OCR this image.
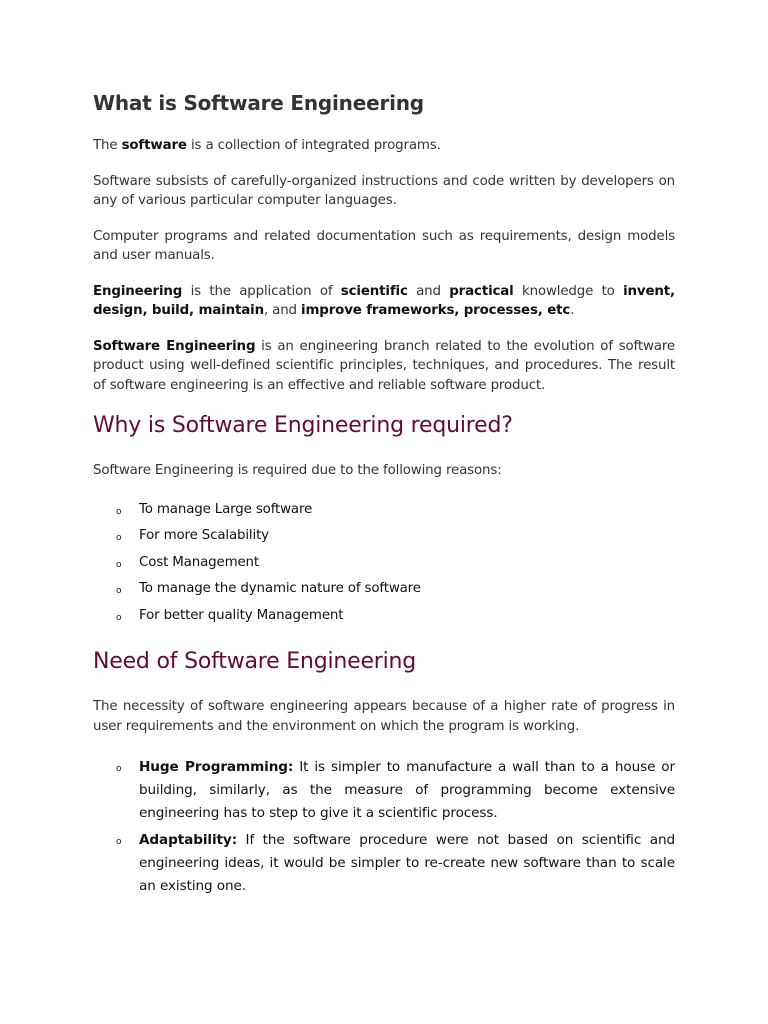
What is Software Engineering

The software is a collection of integrated programs.

Software subsists of carefully-organized instructions and code written by developers on any of various particular computer languages.

Computer programs and related documentation such as requirements, design models and user manuals.

Engineering is the application of scientific and practical knowledge to invent, design, build, maintain, and improve frameworks, processes, etc.

Software Engineering is an engineering branch related to the evolution of software product using well-defined scientific principles, techniques, and procedures. The result of software engineering is an effective and reliable software product.

Why is Software Engineering required?

Software Engineering is required due to the following reasons:

o To manage Large software
o For more Scalability
o Cost Management
o To manage the dynamic nature of software
o For better quality Management
Need of Software Engineering

The necessity of software engineering appears because of a higher rate of progress in user requirements and the environment on which the program is working.

o Huge Programming: It is simpler to manufacture a wall than to a house or building, similarly, as the measure of programming become extensive engineering has to step to give it a scientific process.
o Adaptability: If the software procedure were not based on scientific and engineering ideas, it would be simpler to re-create new software than to scale an existing one.
